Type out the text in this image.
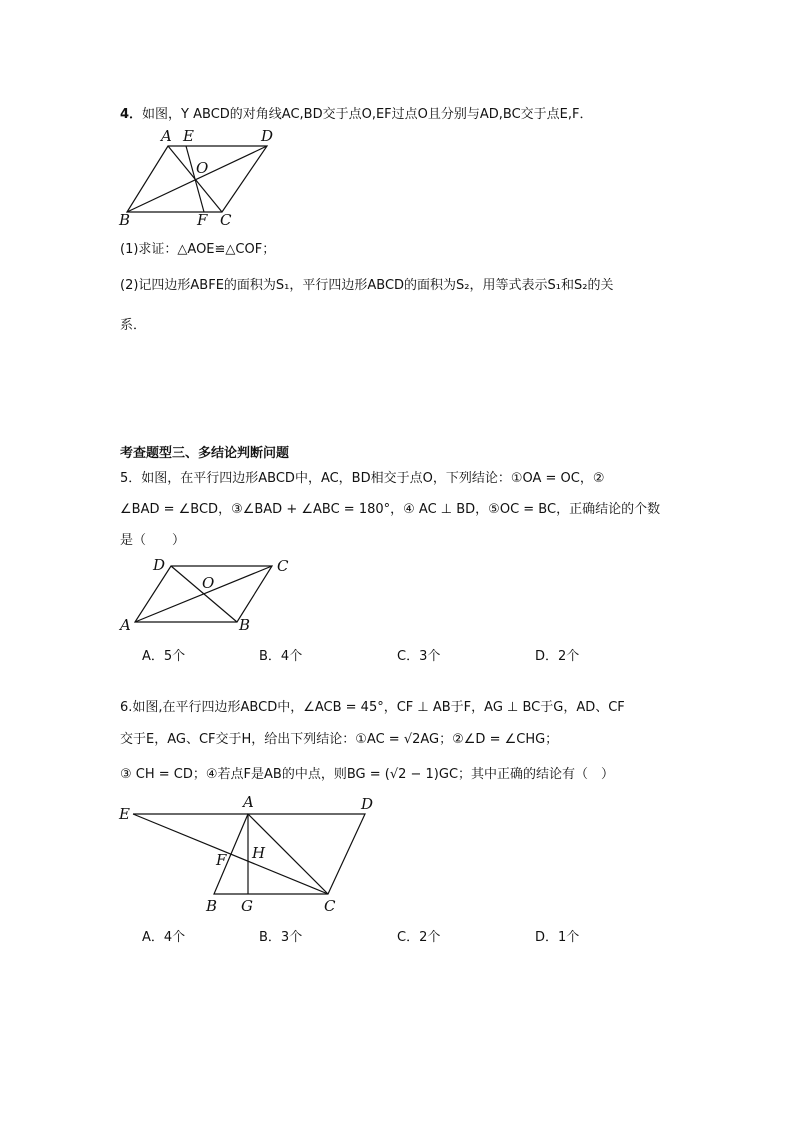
4．如图，Y ABCD的对角线AC,BD交于点O,EF过点O且分别与AD,BC交于点E,F．
A E	D
O
B	F C
(1)求证：△AOE≌△COF；
(2)记四边形ABFE的面积为S₁，平行四边形ABCD的面积为S₂，用等式表示S₁和S₂的关
系．
考查题型三、多结论判断问题
5．如图，在平行四边形ABCD中，AC，BD相交于点O，下列结论：①OA = OC，②
∠BAD = ∠BCD，③∠BAD + ∠ABC = 180°，④ AC ⊥ BD，⑤OC = BC，正确结论的个数
是（　　）
D	C
O
A	B
A．5个	B．4个	C．3个	D．2个
6.如图,在平行四边形ABCD中，∠ACB = 45°，CF ⊥ AB于F，AG ⊥ BC于G，AD、CF
交于E，AG、CF交于H，给出下列结论：①AC = √2AG；②∠D = ∠CHG；
③ CH = CD；④若点F是AB的中点，则BG = (√2 − 1)GC；其中正确的结论有（　）
E
A	D
F H
B G	C
A．4个	B．3个	C．2个	D．1个
